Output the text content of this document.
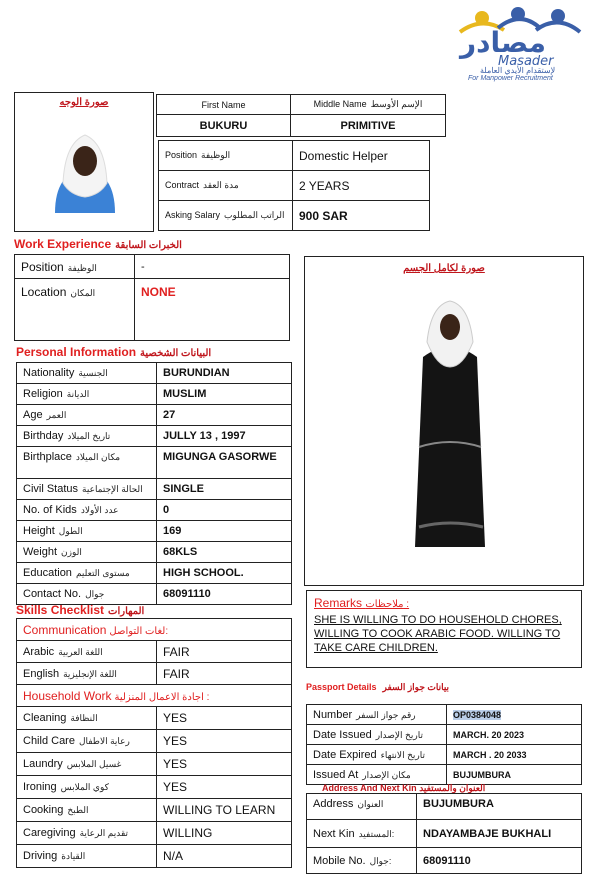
مصادر
Masader
لإستقدام الأيدي العاملة
For Manpower Recruitment
صورة الوجه	First Name	Middle Name الإسم الأوسط
BUKURU	PRIMITIVE
Position الوظيفة	Domestic Helper
Contract مدة العقد	2 YEARS
Asking Salary الراتب المطلوب	900 SAR
Work Experience الخبرات السابقة
Position الوظيفة	-
Location المكان	NONE
صورة لكامل الجسم
Personal Information البيانات الشخصية
Nationality الجنسية	BURUNDIAN
Religion الديانة	MUSLIM
Age العمر	27
Birthday تاريخ الميلاد	JULLY 13 , 1997
Birthplace مكان الميلاد	MIGUNGA GASORWE
Civil Status الحالة الإجتماعية	SINGLE
No. of Kids عدد الأولاد	0
Height الطول	169
Weight الوزن	68KLS
Education مستوى التعليم	HIGH SCHOOL.
Contact No. جوال	68091110
Remarks ملاحظات :
SHE IS WILLING TO DO HOUSEHOLD CHORES, WILLING TO COOK ARABIC FOOD. WILLING TO TAKE CARE CHILDREN.
Skills Checklist المهارات
Communication لغات التواصل:	
Arabic اللغة العربية	FAIR
English اللغة الإنجليزية	FAIR
Household Work اجادة الاعمال المنزلية :	
Cleaning النظافة	YES
Child Care رعاية الاطفال	YES
Laundry غسيل الملابس	YES
Ironing كوي الملابس	YES
Cooking الطبخ	WILLING TO LEARN
Caregiving تقديم الرعاية	WILLING
Driving القيادة	N/A
Passport Details بيانات جواز السفر
Number رقم جواز السفر	OP0384048
Date Issued تاريخ الإصدار	MARCH. 20 2023
Date Expired تاريخ الانتهاء	MARCH . 20 2033
Issued At مكان الإصدار	BUJUMBURA
Address And Next Kin العنوان والمستفيد
Address العنوان	BUJUMBURA
Next Kin المستفيد:	NDAYAMBAJE BUKHALI
Mobile No. جوال:	68091110
